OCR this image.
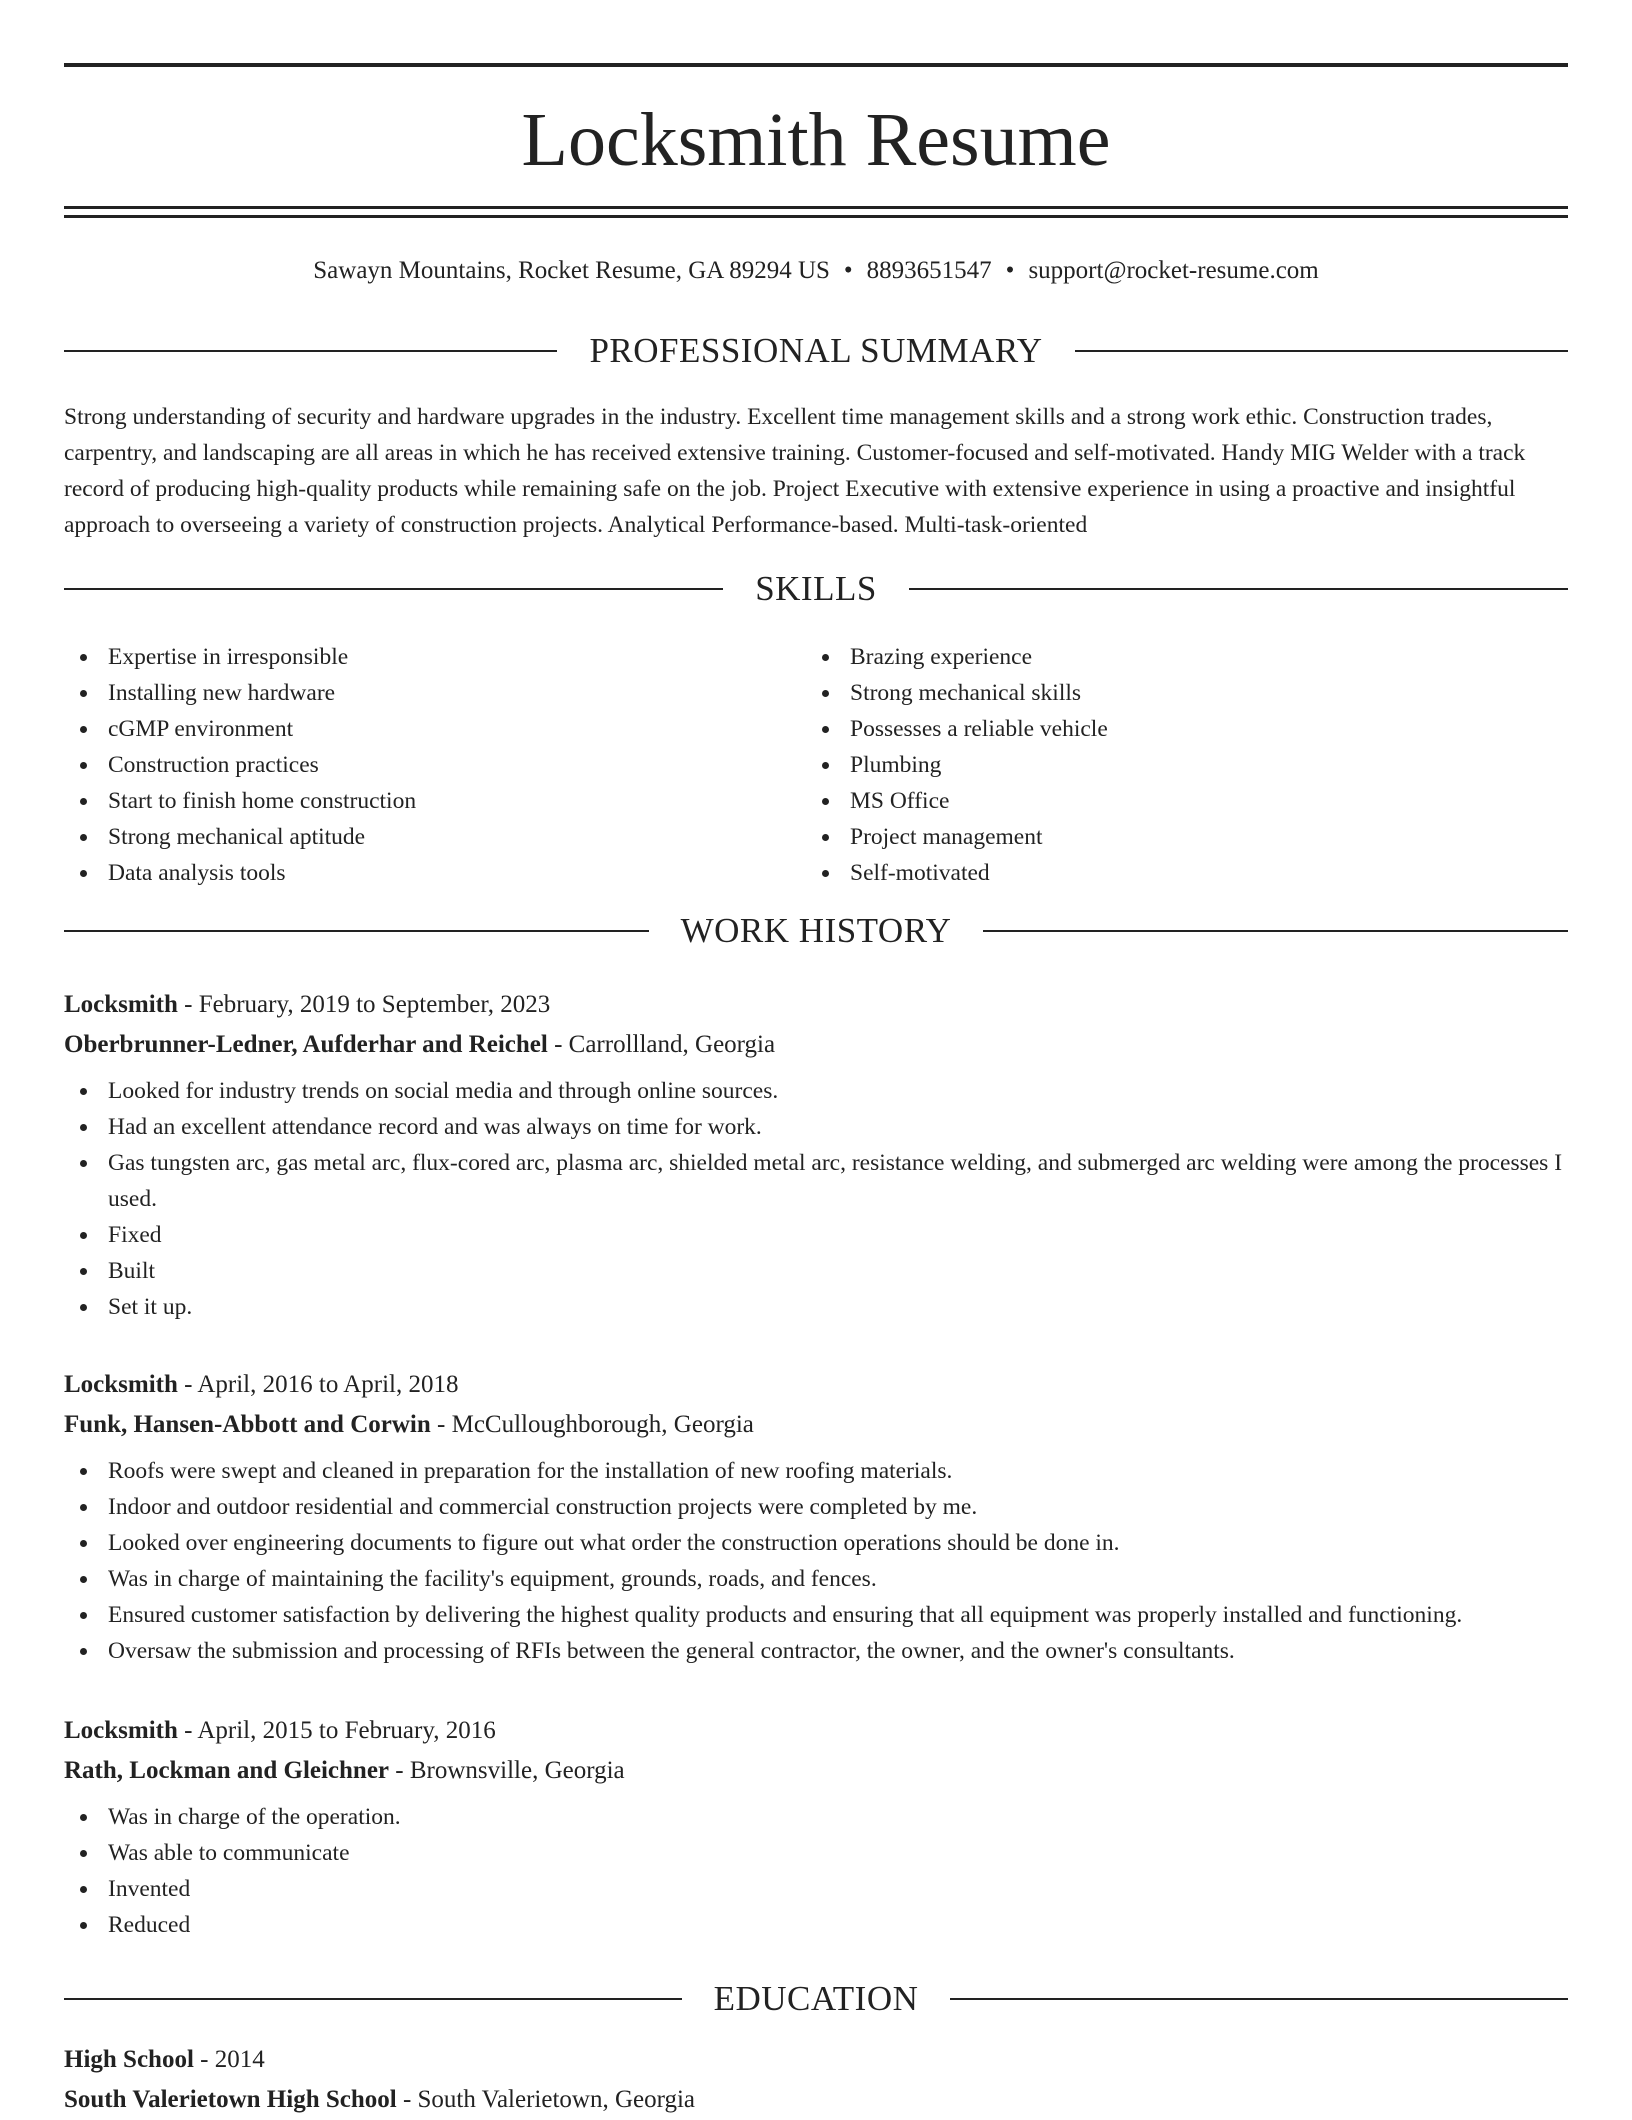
Locksmith Resume
Sawayn Mountains, Rocket Resume, GA 89294 US • 8893651547 • support@rocket-resume.com
PROFESSIONAL SUMMARY

Strong understanding of security and hardware upgrades in the industry. Excellent time management skills and a strong work ethic. Construction trades, carpentry, and landscaping are all areas in which he has received extensive training. Customer-focused and self-motivated. Handy MIG Welder with a track record of producing high-quality products while remaining safe on the job. Project Executive with extensive experience in using a proactive and insightful approach to overseeing a variety of construction projects. Analytical Performance-based. Multi-task-oriented

SKILLS
Expertise in irresponsible
Installing new hardware
cGMP environment
Construction practices
Start to finish home construction
Strong mechanical aptitude
Data analysis tools
Brazing experience
Strong mechanical skills
Possesses a reliable vehicle
Plumbing
MS Office
Project management
Self-motivated
WORK HISTORY
Locksmith - February, 2019 to September, 2023
Oberbrunner-Ledner, Aufderhar and Reichel - Carrollland, Georgia
Looked for industry trends on social media and through online sources.
Had an excellent attendance record and was always on time for work.
Gas tungsten arc, gas metal arc, flux-cored arc, plasma arc, shielded metal arc, resistance welding, and submerged arc welding were among the processes I used.
Fixed
Built
Set it up.
Locksmith - April, 2016 to April, 2018
Funk, Hansen-Abbott and Corwin - McCulloughborough, Georgia
Roofs were swept and cleaned in preparation for the installation of new roofing materials.
Indoor and outdoor residential and commercial construction projects were completed by me.
Looked over engineering documents to figure out what order the construction operations should be done in.
Was in charge of maintaining the facility's equipment, grounds, roads, and fences.
Ensured customer satisfaction by delivering the highest quality products and ensuring that all equipment was properly installed and functioning.
Oversaw the submission and processing of RFIs between the general contractor, the owner, and the owner's consultants.
Locksmith - April, 2015 to February, 2016
Rath, Lockman and Gleichner - Brownsville, Georgia
Was in charge of the operation.
Was able to communicate
Invented
Reduced
EDUCATION
High School - 2014
South Valerietown High School - South Valerietown, Georgia
